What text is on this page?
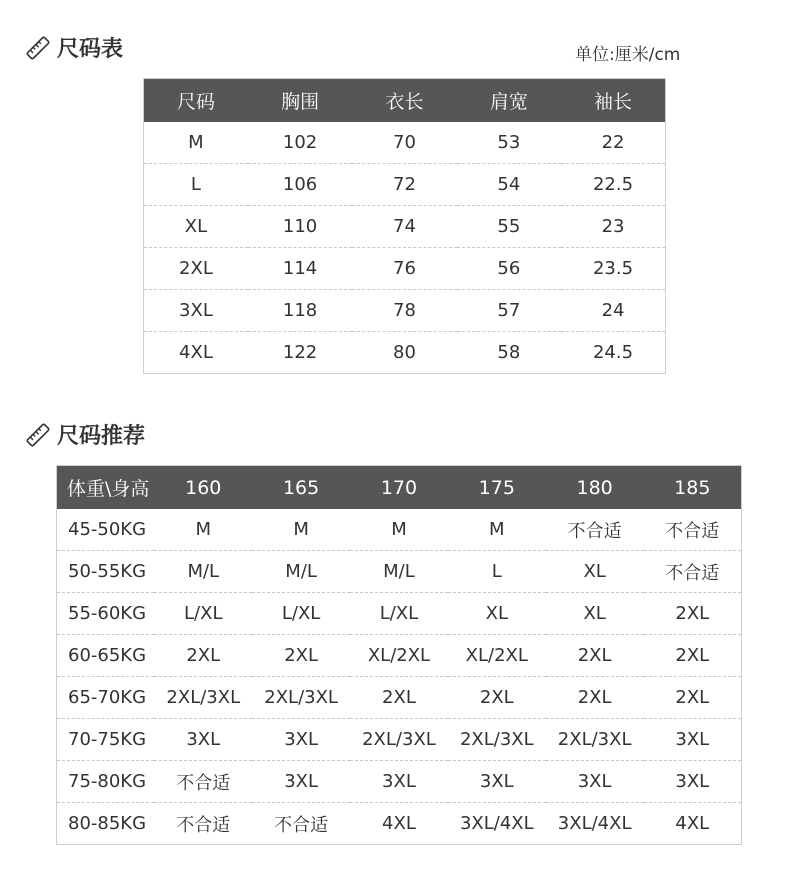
尺码表	单位:厘米/cm
尺码	胸围	衣长	肩宽	袖长
M	102	70	53	22
L	106	72	54	22.5
XL	110	74	55	23
2XL	114	76	56	23.5
3XL	118	78	57	24
4XL	122	80	58	24.5
尺码推荐
体重\身高	160	165	170	175	180	185
45-50KG	M	M	M	M	不合适	不合适
50-55KG	M/L	M/L	M/L	L	XL	不合适
55-60KG	L/XL	L/XL	L/XL	XL	XL	2XL
60-65KG	2XL	2XL	XL/2XL	XL/2XL	2XL	2XL
65-70KG	2XL/3XL	2XL/3XL	2XL	2XL	2XL	2XL
70-75KG	3XL	3XL	2XL/3XL	2XL/3XL	2XL/3XL	3XL
75-80KG	不合适	3XL	3XL	3XL	3XL	3XL
80-85KG	不合适	不合适	4XL	3XL/4XL	3XL/4XL	4XL
